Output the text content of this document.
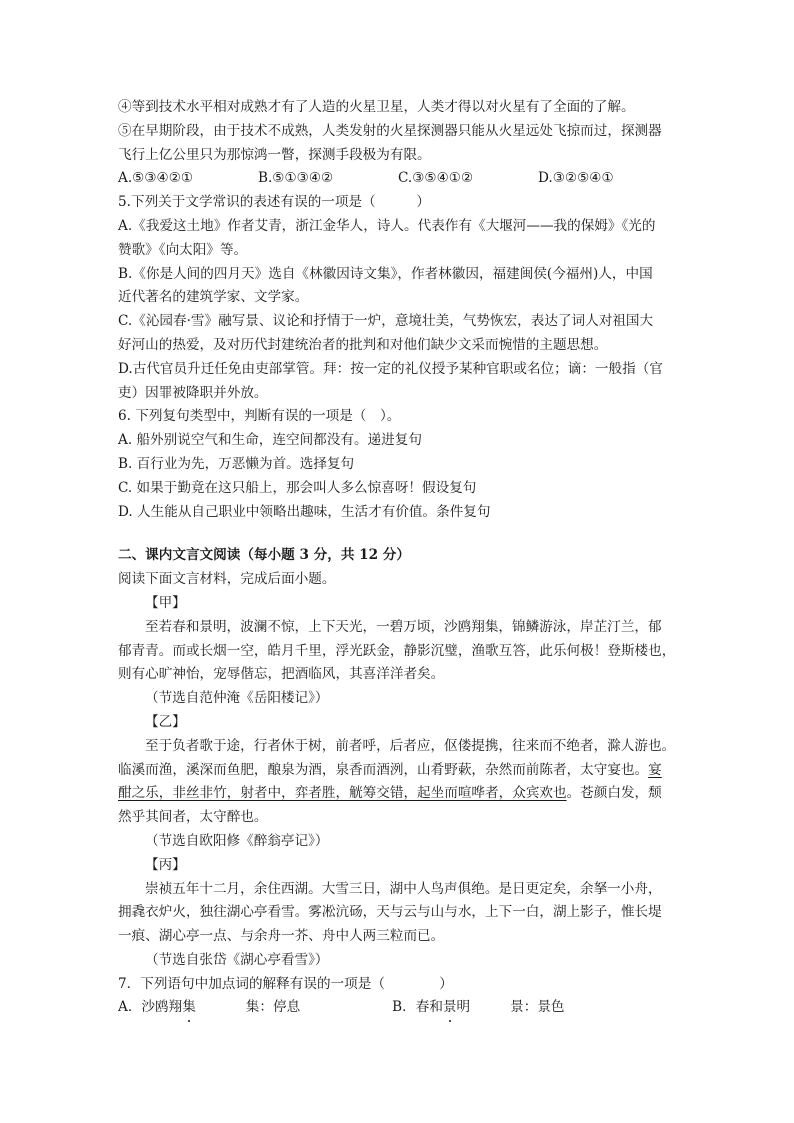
④等到技术水平相对成熟才有了人造的火星卫星，人类才得以对火星有了全面的了解。
⑤在早期阶段，由于技术不成熟，人类发射的火星探测器只能从火星远处飞掠而过，探测器
飞行上亿公里只为那惊鸿一瞥，探测手段极为有限。
A.⑤③④②①	B.⑤①③④②	C.③⑤④①②	D.③②⑤④①
5.下列关于文学常识的表述有误的一项是（　　　）
A.《我爱这土地》作者艾青，浙江金华人，诗人。代表作有《大堰河——我的保姆》《光的
赞歌》《向太阳》等。
B.《你是人间的四月天》选自《林徽因诗文集》，作者林徽因，福建闽侯(今福州)人，中国
近代著名的建筑学家、文学家。
C.《沁园春·雪》融写景、议论和抒情于一炉，意境壮美，气势恢宏，表达了词人对祖国大
好河山的热爱，及对历代封建统治者的批判和对他们缺少文采而惋惜的主题思想。
D.古代官员升迁任免由吏部掌管。拜：按一定的礼仪授予某种官职或名位；谪：一般指（官
吏）因罪被降职并外放。
6. 下列复句类型中，判断有误的一项是（　）。
A. 船外别说空气和生命，连空间都没有。递进复句
B. 百行业为先，万恶懒为首。选择复句
C. 如果于勤竟在这只船上，那会叫人多么惊喜呀！假设复句
D. 人生能从自己职业中领略出趣味，生活才有价值。条件复句
二、课内文言文阅读（每小题 3 分，共 12 分）
阅读下面文言材料，完成后面小题。
【甲】
至若春和景明，波澜不惊，上下天光，一碧万顷，沙鸥翔集，锦鳞游泳，岸芷汀兰，郁
郁青青。而或长烟一空，皓月千里，浮光跃金，静影沉璧，渔歌互答，此乐何极！登斯楼也，
则有心旷神怡，宠辱偕忘，把酒临风，其喜洋洋者矣。
（节选自范仲淹《岳阳楼记》）
【乙】
至于负者歌于途，行者休于树，前者呼，后者应，伛偻提携，往来而不绝者，滁人游也。
临溪而渔，溪深而鱼肥，酿泉为酒，泉香而酒洌，山肴野蔌，杂然而前陈者，太守宴也。宴
酣之乐，非丝非竹，射者中，弈者胜，觥筹交错，起坐而喧哗者，众宾欢也。苍颜白发，颓
然乎其间者，太守醉也。
（节选自欧阳修《醉翁亭记》）
【丙】
崇祯五年十二月，余住西湖。大雪三日，湖中人鸟声俱绝。是日更定矣，余拏一小舟，
拥毳衣炉火，独往湖心亭看雪。雾凇沆砀，天与云与山与水，上下一白，湖上影子，惟长堤
一痕、湖心亭一点、与余舟一芥、舟中人两三粒而已。
（节选自张岱《湖心亭看雪》）
7．下列语句中加点词的解释有误的一项是（　　　　）
A．沙鸥翔集	集：停息	B．春和景明	景：景色
